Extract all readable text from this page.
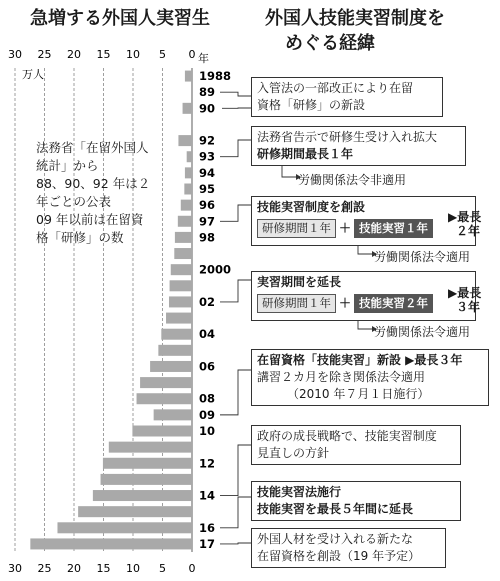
30
30
25
25
20
20
15
15
10
10
5
5
0
0
万人
年
1988
89
90
92
93
94
95
96
97
98
2000
02
04
06
08
09
10
12
14
16
17
急増する外国人実習生	外国人技能実習制度を
めぐる経緯
法務省「在留外国人
統計」から
88、90、92 年は２
年ごとの公表
09 年以前は在留資
格「研修」の数
入管法の一部改正により在留
資格「研修」の新設
法務省告示で研修生受け入れ拡大
研修期間最長１年
労働関係法令非適用
技能実習制度を創設
研修期間１年 ＋ 技能実習１年
▶最長
２年
労働関係法令適用
実習期間を延長
研修期間１年 ＋ 技能実習２年
▶最長
３年
労働関係法令適用
在留資格「技能実習」新設 ▶最長３年
講習２カ月を除き関係法令適用
（2010 年７月１日施行）
政府の成長戦略で、技能実習制度
見直しの方針
技能実習法施行
技能実習を最長５年間に延長
外国人材を受け入れる新たな
在留資格を創設（19 年予定）
